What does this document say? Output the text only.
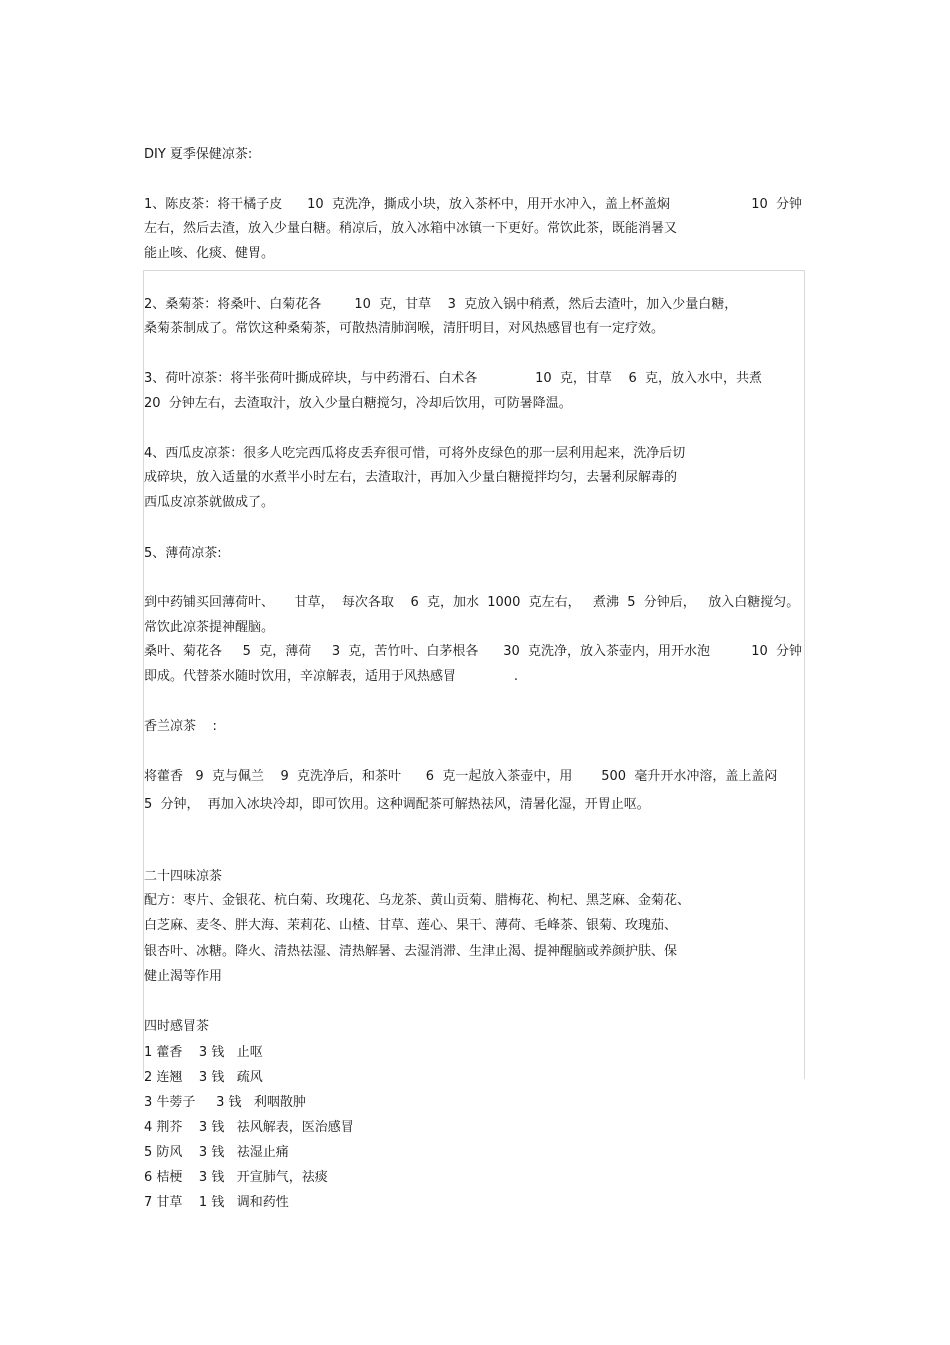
DIY 夏季保健凉茶:
1、陈皮茶：将干橘子皮      10  克洗净，撕成小块，放入茶杯中，用开水冲入，盖上杯盖焖	10  分钟
左右，然后去渣，放入少量白糖。稍凉后，放入冰箱中冰镇一下更好。常饮此茶，既能消暑又
能止咳、化痰、健胃。
2、桑菊茶：将桑叶、白菊花各        10  克，甘草    3  克放入锅中稍煮，然后去渣叶，加入少量白糖，
桑菊茶制成了。常饮这种桑菊茶，可散热清肺润喉，清肝明目，对风热感冒也有一定疗效。
3、荷叶凉茶：将半张荷叶撕成碎块，与中药滑石、白术各              10  克，甘草    6  克，放入水中，共煮
20  分钟左右，去渣取汁，放入少量白糖搅匀，冷却后饮用，可防暑降温。
4、西瓜皮凉茶：很多人吃完西瓜将皮丢弃很可惜，可将外皮绿色的那一层利用起来，洗净后切
成碎块，放入适量的水煮半小时左右，去渣取汁，再加入少量白糖搅拌均匀，去暑利尿解毒的
西瓜皮凉茶就做成了。
5、薄荷凉茶:
到中药铺买回薄荷叶、     甘草，  每次各取    6  克，加水  1000  克左右，   煮沸  5  分钟后，   放入白糖搅匀。
常饮此凉茶提神醒脑。
桑叶、菊花各     5  克，薄荷     3  克，苦竹叶、白茅根各      30  克洗净，放入茶壶内，用开水泡	10  分钟
即成。代替茶水随时饮用，辛凉解表，适用于风热感冒              .
香兰凉茶    :
将藿香   9  克与佩兰    9  克洗净后，和茶叶      6  克一起放入茶壶中，用       500  毫升开水冲溶，盖上盖闷
5  分钟，  再加入冰块冷却，即可饮用。这种调配茶可解热祛风，清暑化湿，开胃止呕。
二十四味凉茶
配方：枣片、金银花、杭白菊、玫瑰花、乌龙茶、黄山贡菊、腊梅花、枸杞、黑芝麻、金菊花、
白芝麻、麦冬、胖大海、茉莉花、山楂、甘草、莲心、果干、薄荷、毛峰茶、银菊、玫瑰茄、
银杏叶、冰糖。降火、清热祛湿、清热解暑、去湿消滞、生津止渴、提神醒脑或养颜护肤、保
健止渴等作用
四时感冒茶
1 藿香    3 钱   止呕
2 连翘    3 钱   疏风
3 牛蒡子     3 钱   利咽散肿
4 荆芥    3 钱   祛风解表，医治感冒
5 防风    3 钱   祛湿止痛
6 桔梗    3 钱   开宣肺气，祛痰
7 甘草    1 钱   调和药性
